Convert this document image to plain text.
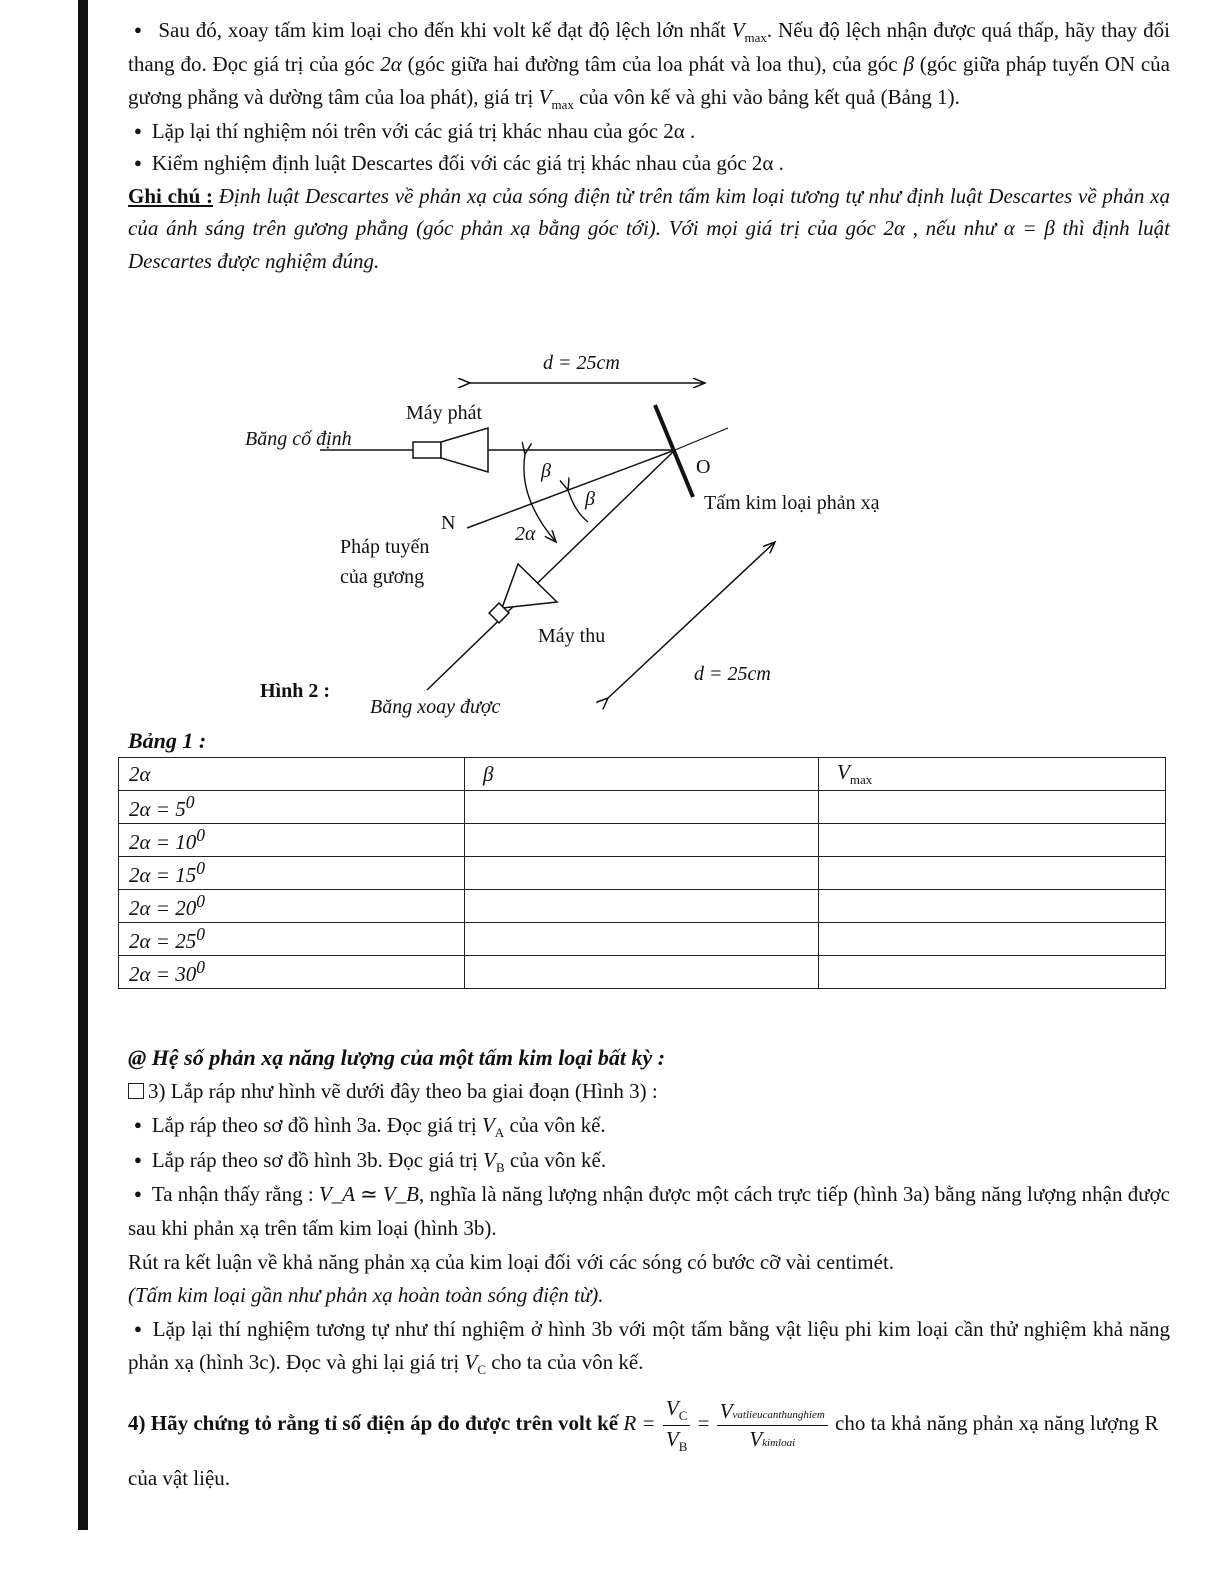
● Sau đó, xoay tấm kim loại cho đến khi volt kế đạt độ lệch lớn nhất $V_{max}$. Nếu độ lệch nhận được quá thấp, hãy thay đổi thang đo. Đọc giá trị của góc 2α (góc giữa hai đường tâm của loa phát và loa thu), của góc β (góc giữa pháp tuyến ON của gương phẳng và dường tâm của loa phát), giá trị $V_{max}$ của vôn kế và ghi vào bảng kết quả (Bảng 1).

● Lặp lại thí nghiệm nói trên với các giá trị khác nhau của góc 2α .

● Kiểm nghiệm định luật Descartes đối với các giá trị khác nhau của góc 2α .

Ghi chú : Định luật Descartes về phản xạ của sóng điện từ trên tấm kim loại tương tự như định luật Descartes về phản xạ của ánh sáng trên gương phẳng (góc phản xạ bằng góc tới). Với mọi giá trị của góc 2α , nếu như α = β thì định luật Descartes được nghiệm đúng.

d = 25cm
Máy phát
Băng cố định
O
β
β	Tấm kim loại phản xạ
N	2α
Pháp tuyến
của gương
Máy thu
d = 25cm
Hình 2 :
Băng xoay được
Bảng 1 :
2α	β	$V_{max}$
$2\alpha = 5^0$		
$2\alpha = 10^0$		
$2\alpha = 15^0$		
$2\alpha = 20^0$		
$2\alpha = 25^0$		
$2\alpha = 30^0$		

@ Hệ số phản xạ năng lượng của một tấm kim loại bất kỳ :

3) Lắp ráp như hình vẽ dưới đây theo ba giai đoạn (Hình 3) :

● Lắp ráp theo sơ đồ hình 3a. Đọc giá trị $V_A$ của vôn kế.

● Lắp ráp theo sơ đồ hình 3b. Đọc giá trị $V_B$ của vôn kế.

● Ta nhận thấy rằng : V_A ≃ V_B, nghĩa là năng lượng nhận được một cách trực tiếp (hình 3a) bằng năng lượng nhận được sau khi phản xạ trên tấm kim loại (hình 3b).

Rút ra kết luận về khả năng phản xạ của kim loại đối với các sóng có bước cỡ vài centimét.

(Tấm kim loại gần như phản xạ hoàn toàn sóng điện từ).

● Lặp lại thí nghiệm tương tự như thí nghiệm ở hình 3b với một tấm bằng vật liệu phi kim loại cần thử nghiệm khả năng phản xạ (hình 3c). Đọc và ghi lại giá trị $V_C$ cho ta của vôn kế.

4) Hãy chứng tỏ rằng tỉ số điện áp đo được trên volt kế $R = \frac{V_C}{V_B} = \frac{\text{Vvatlieucanthunghiem}}{\text{Vkimloai}}$ cho ta khả năng phản xạ năng lượng R của vật liệu.
